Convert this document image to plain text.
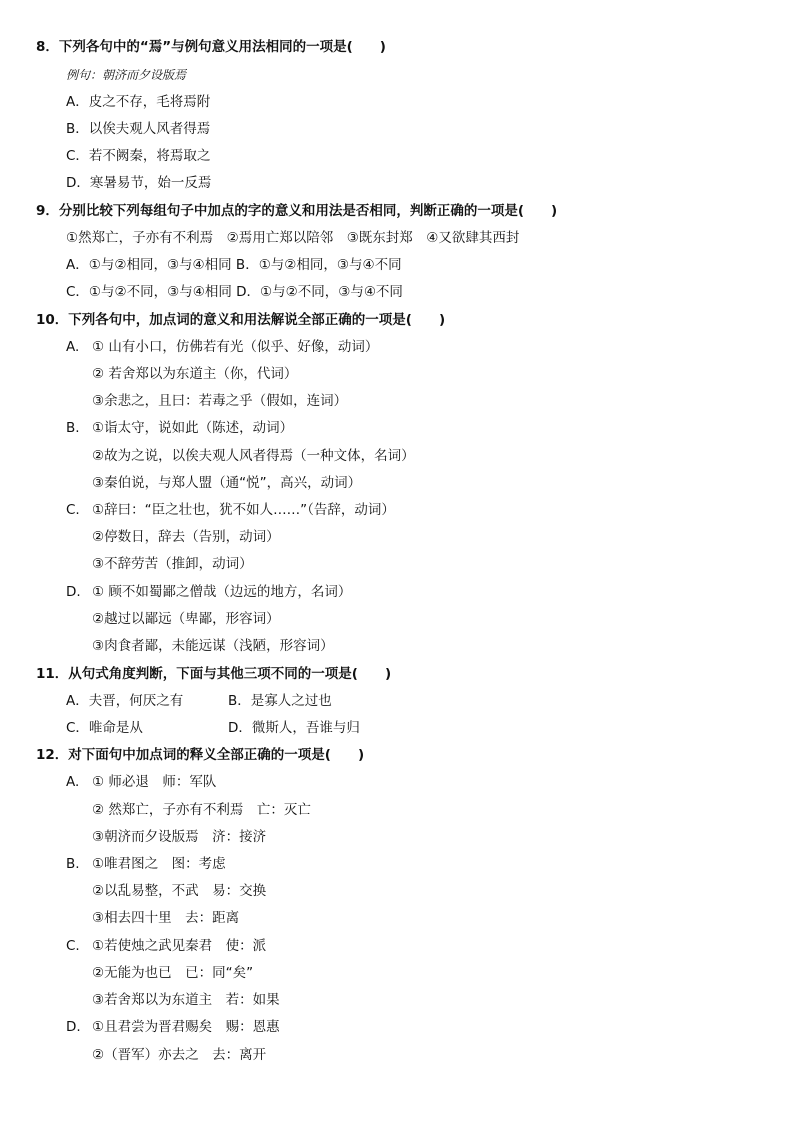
8．下列各句中的“焉”与例句意义用法相同的一项是(　　)
例句：朝济而夕设版焉
A．皮之不存，毛将焉附
B．以俟夫观人风者得焉
C．若不阙秦，将焉取之
D．寒暑易节，始一反焉
9．分别比较下列每组句子中加点的字的意义和用法是否相同，判断正确的一项是(　　)
①然郑亡，子亦有不利焉　②焉用亡郑以陪邻　③既东封郑　④又欲肆其西封
A．①与②相同，③与④相同 B．①与②相同，③与④不同
C．①与②不同，③与④相同 D．①与②不同，③与④不同
10．下列各句中，加点词的意义和用法解说全部正确的一项是(　　)
A. ① 山有小口，仿佛若有光（似乎、好像，动词）
② 若舍郑以为东道主（你，代词）
③余悲之，且曰：若毒之乎（假如，连词）
B. ①诣太守，说如此（陈述，动词）
②故为之说，以俟夫观人风者得焉（一种文体，名词）
③秦伯说，与郑人盟（通“悦”，高兴，动词）
C. ①辞曰：“臣之壮也，犹不如人……”（告辞，动词）
②停数日，辞去（告别，动词）
③不辞劳苦（推卸，动词）
D. ① 顾不如蜀鄙之僧哉（边远的地方，名词）
②越过以鄙远（卑鄙，形容词）
③肉食者鄙，未能远谋（浅陋，形容词）
11．从句式角度判断，下面与其他三项不同的一项是(　　)
A．夫晋，何厌之有	B．是寡人之过也
C．唯命是从	D．微斯人，吾谁与归
12．对下面句中加点词的释义全部正确的一项是(　　)
A. ① 师必退　师：军队
② 然郑亡，子亦有不利焉　亡：灭亡
③朝济而夕设版焉　济：接济
B. ①唯君图之　图：考虑
②以乱易整，不武　易：交换
③相去四十里　去：距离
C. ①若使烛之武见秦君　使：派
②无能为也已　已：同“矣”
③若舍郑以为东道主　若：如果
D. ①且君尝为晋君赐矣　赐：恩惠
②（晋军）亦去之　去：离开
